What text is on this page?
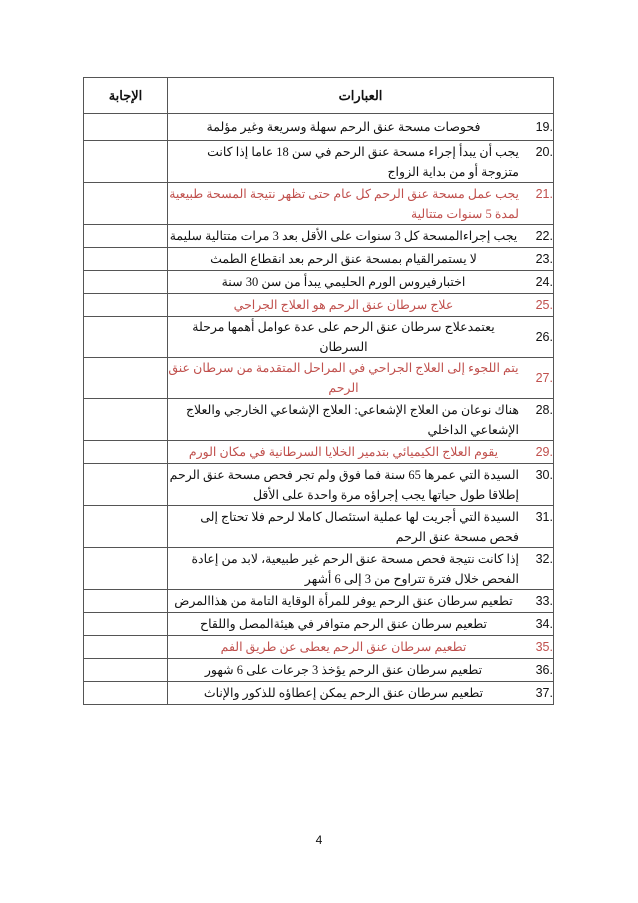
العبارات	الإجابة

19.
فحوصات مسحة عنق الرحم سهلة وسريعة وغير مؤلمة	

20.
يجب أن يبدأ إجراء مسحة عنق الرحم في سن 18 عاما إذا كانت متزوجة أو من بداية الزواج	

21.
يجب عمل مسحة عنق الرحم كل عام حتى تظهر نتيجة المسحة طبيعية لمدة 5 سنوات متتالية	

22.
يجب إجراءالمسحة كل 3 سنوات على الأقل بعد 3 مرات متتالية سليمة	

23.
لا يستمرالقيام بمسحة عنق الرحم بعد انقطاع الطمث	

24.
اختبارفيروس الورم الحليمي يبدأ من سن 30 سنة	

25.
علاج سرطان عنق الرحم هو العلاج الجراحي	

26.
يعتمدعلاج سرطان عنق الرحم على عدة عوامل أهمها مرحلة السرطان	

27.
يتم اللجوء إلى العلاج الجراحي في المراحل المتقدمة من سرطان عنق الرحم	

28.
هناك نوعان من العلاج الإشعاعي: العلاج الإشعاعي الخارجي والعلاج الإشعاعي الداخلي	

29.
يقوم العلاج الكيميائي بتدمير الخلايا السرطانية في مكان الورم	

30.
السيدة التي عمرها 65 سنة فما فوق ولم تجر فحص مسحة عنق الرحم إطلاقا طول حياتها يجب إجراؤه مرة واحدة على الأقل	

31.
السيدة التي أجريت لها عملية استئصال كاملا لرحم فلا تحتاج إلى فحص مسحة عنق الرحم	

32.
إذا كانت نتيجة فحص مسحة عنق الرحم غير طبيعية، لابد من إعادة الفحص خلال فترة تتراوح من 3 إلى 6 أشهر	

33.
تطعيم سرطان عنق الرحم يوفر للمرأة الوقاية التامة من هذاالمرض	

34.
تطعيم سرطان عنق الرحم متوافر في هيئةالمصل واللقاح	

35.
تطعيم سرطان عنق الرحم يعطى عن طريق الفم	

36.
تطعيم سرطان عنق الرحم يؤخذ 3 جرعات على 6 شهور	

37.
تطعيم سرطان عنق الرحم يمكن إعطاؤه للذكور والإناث	

4
